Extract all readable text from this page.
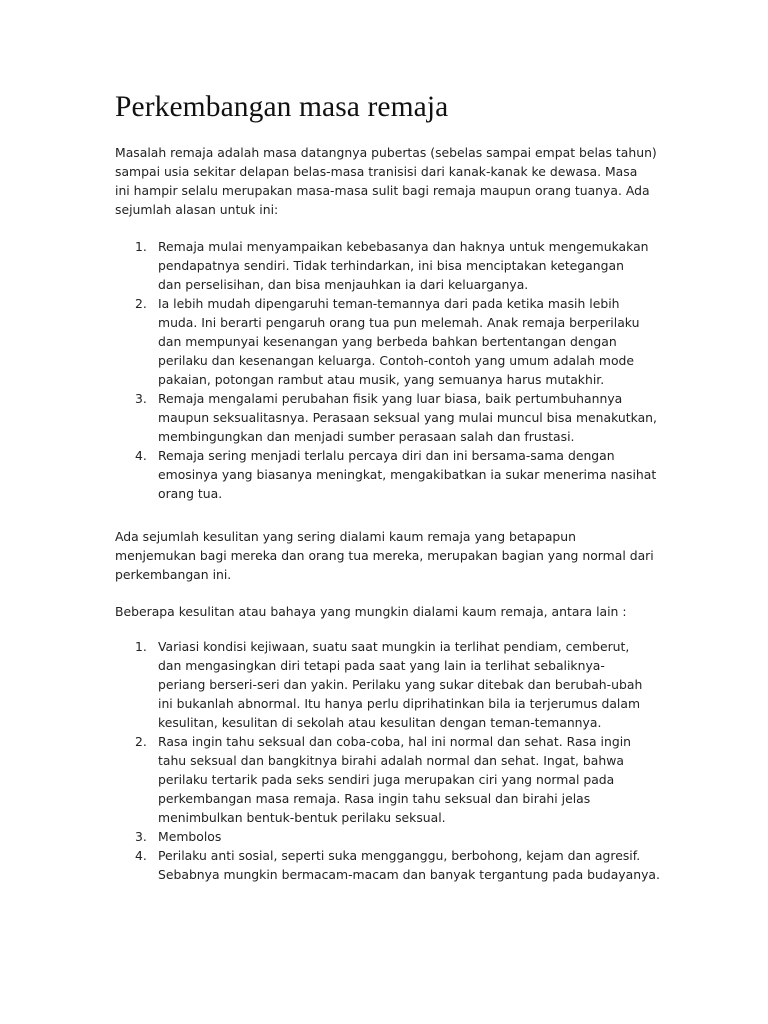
Perkembangan masa remaja

Masalah remaja adalah masa datangnya pubertas (sebelas sampai empat belas tahun)
sampai usia sekitar delapan belas-masa tranisisi dari kanak-kanak ke dewasa. Masa
ini hampir selalu merupakan masa-masa sulit bagi remaja maupun orang tuanya. Ada
sejumlah alasan untuk ini:

1. Remaja mulai menyampaikan kebebasanya dan haknya untuk mengemukakan
pendapatnya sendiri. Tidak terhindarkan, ini bisa menciptakan ketegangan
dan perselisihan, dan bisa menjauhkan ia dari keluarganya.
2. Ia lebih mudah dipengaruhi teman-temannya dari pada ketika masih lebih
muda. Ini berarti pengaruh orang tua pun melemah. Anak remaja berperilaku
dan mempunyai kesenangan yang berbeda bahkan bertentangan dengan
perilaku dan kesenangan keluarga. Contoh-contoh yang umum adalah mode
pakaian, potongan rambut atau musik, yang semuanya harus mutakhir.
3. Remaja mengalami perubahan fisik yang luar biasa, baik pertumbuhannya
maupun seksualitasnya. Perasaan seksual yang mulai muncul bisa menakutkan,
membingungkan dan menjadi sumber perasaan salah dan frustasi.
4. Remaja sering menjadi terlalu percaya diri dan ini bersama-sama dengan
emosinya yang biasanya meningkat, mengakibatkan ia sukar menerima nasihat
orang tua.

Ada sejumlah kesulitan yang sering dialami kaum remaja yang betapapun
menjemukan bagi mereka dan orang tua mereka, merupakan bagian yang normal dari
perkembangan ini.

Beberapa kesulitan atau bahaya yang mungkin dialami kaum remaja, antara lain :

1. Variasi kondisi kejiwaan, suatu saat mungkin ia terlihat pendiam, cemberut,
dan mengasingkan diri tetapi pada saat yang lain ia terlihat sebaliknya-
periang berseri-seri dan yakin. Perilaku yang sukar ditebak dan berubah-ubah
ini bukanlah abnormal. Itu hanya perlu diprihatinkan bila ia terjerumus dalam
kesulitan, kesulitan di sekolah atau kesulitan dengan teman-temannya.
2. Rasa ingin tahu seksual dan coba-coba, hal ini normal dan sehat. Rasa ingin
tahu seksual dan bangkitnya birahi adalah normal dan sehat. Ingat, bahwa
perilaku tertarik pada seks sendiri juga merupakan ciri yang normal pada
perkembangan masa remaja. Rasa ingin tahu seksual dan birahi jelas
menimbulkan bentuk-bentuk perilaku seksual.
3. Membolos
4. Perilaku anti sosial, seperti suka mengganggu, berbohong, kejam dan agresif.
Sebabnya mungkin bermacam-macam dan banyak tergantung pada budayanya.
